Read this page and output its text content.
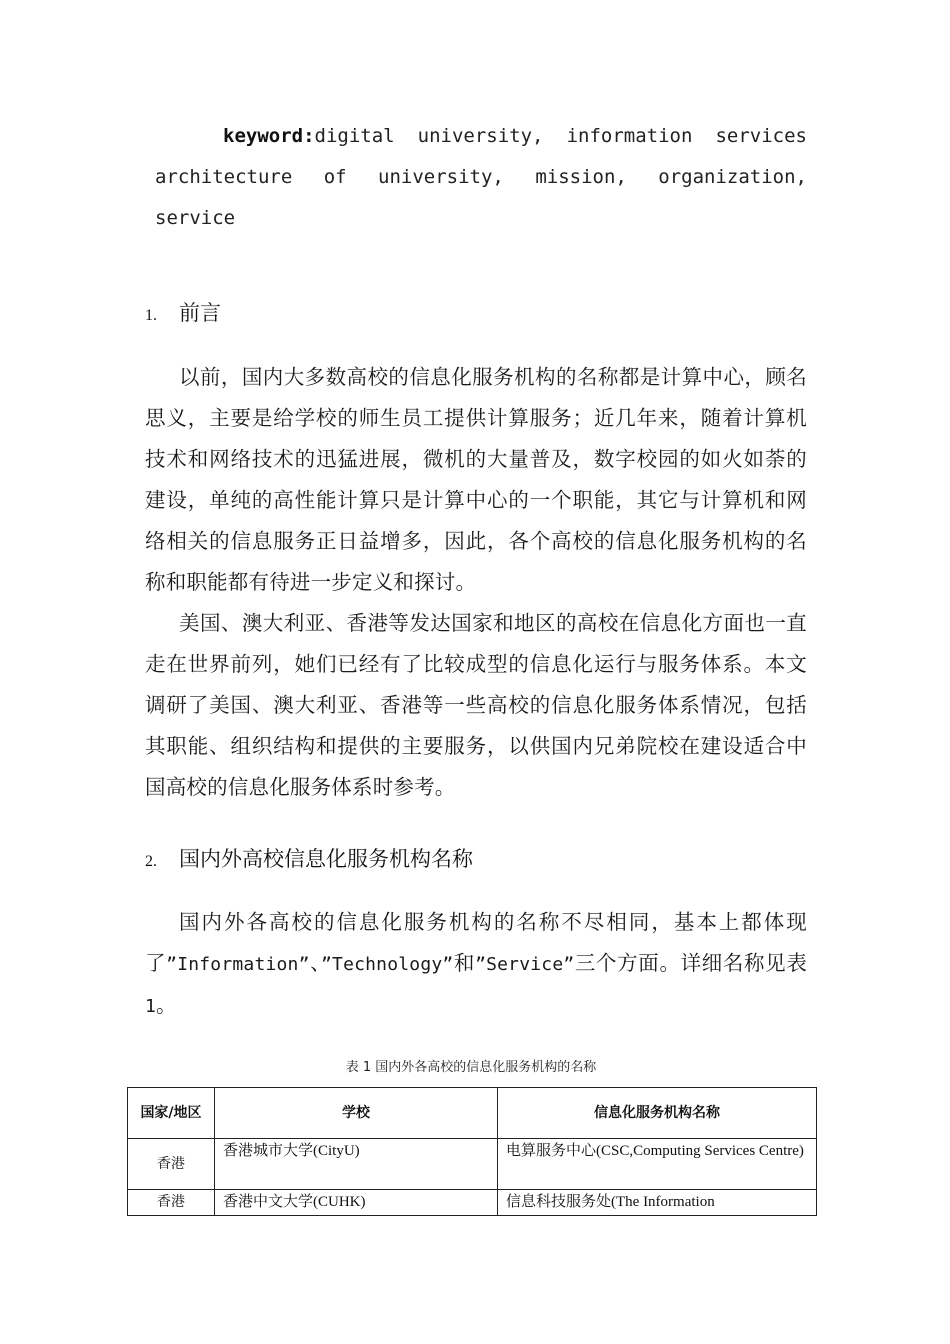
keyword:digital university, information services architecture of university, mission, organization, service
1. 前言

以前，国内大多数高校的信息化服务机构的名称都是计算中心，顾名思义，主要是给学校的师生员工提供计算服务；近几年来，随着计算机技术和网络技术的迅猛进展，微机的大量普及，数字校园的如火如荼的建设，单纯的高性能计算只是计算中心的一个职能，其它与计算机和网络相关的信息服务正日益增多，因此，各个高校的信息化服务机构的名称和职能都有待进一步定义和探讨。

美国、澳大利亚、香港等发达国家和地区的高校在信息化方面也一直走在世界前列，她们已经有了比较成型的信息化运行与服务体系。本文调研了美国、澳大利亚、香港等一些高校的信息化服务体系情况，包括其职能、组织结构和提供的主要服务，以供国内兄弟院校在建设适合中国高校的信息化服务体系时参考。

2. 国内外高校信息化服务机构名称

国内外各高校的信息化服务机构的名称不尽相同，基本上都体现了”Information”、”Technology”和”Service”三个方面。详细名称见表1。

表 1 国内外各高校的信息化服务机构的名称
国家/地区	学校	信息化服务机构名称
香港	香港城市大学(CityU)	电算服务中心(CSC,Computing Services Centre)
香港	香港中文大学(CUHK)	信息科技服务处(The Information
